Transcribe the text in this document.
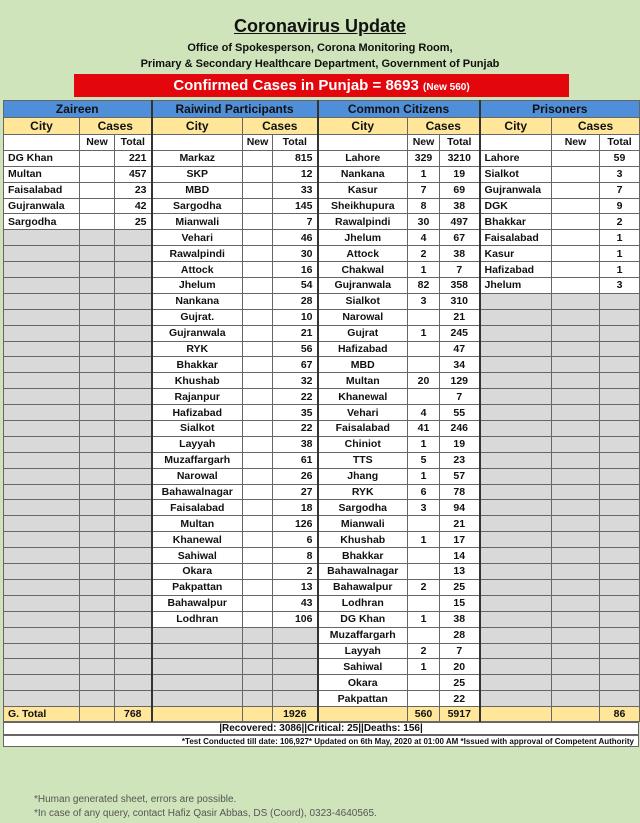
Coronavirus Update
Office of Spokesperson, Corona Monitoring Room,
Primary & Secondary Healthcare Department, Government of Punjab
Confirmed Cases in Punjab = 8693 (New 560)
Zaireen			Raiwind Participants			Common Citizens			Prisoners		
City	Cases		City	Cases		City	Cases		City	Cases	
	New	Total		New	Total		New	Total		New	Total
DG Khan		221	Markaz		815	Lahore	329	3210	Lahore		59
Multan		457	SKP		12	Nankana	1	19	Sialkot		3
Faisalabad		23	MBD		33	Kasur	7	69	Gujranwala		7
Gujranwala		42	Sargodha		145	Sheikhupura	8	38	DGK		9
Sargodha		25	Mianwali		7	Rawalpindi	30	497	Bhakkar		2
			Vehari		46	Jhelum	4	67	Faisalabad		1
			Rawalpindi		30	Attock	2	38	Kasur		1
			Attock		16	Chakwal	1	7	Hafizabad		1
			Jhelum		54	Gujranwala	82	358	Jhelum		3
			Nankana		28	Sialkot	3	310			
			Gujrat.		10	Narowal		21			
			Gujranwala		21	Gujrat	1	245			
			RYK		56	Hafizabad		47			
			Bhakkar		67	MBD		34			
			Khushab		32	Multan	20	129			
			Rajanpur		22	Khanewal		7			
			Hafizabad		35	Vehari	4	55			
			Sialkot		22	Faisalabad	41	246			
			Layyah		38	Chiniot	1	19			
			Muzaffargarh		61	TTS	5	23			
			Narowal		26	Jhang	1	57			
			Bahawalnagar		27	RYK	6	78			
			Faisalabad		18	Sargodha	3	94			
			Multan		126	Mianwali		21			
			Khanewal		6	Khushab	1	17			
			Sahiwal		8	Bhakkar		14			
			Okara		2	Bahawalnagar		13			
			Pakpattan		13	Bahawalpur	2	25			
			Bahawalpur		43	Lodhran		15			
			Lodhran		106	DG Khan	1	38			
						Muzaffargarh		28			
						Layyah	2	7			
						Sahiwal	1	20			
						Okara		25			
						Pakpattan		22			
G. Total		768			1926		560	5917			86
|Recovered: 3086||Critical: 25||Deaths: 156|
*Test Conducted till date: 106,927* Updated on 6th May, 2020 at 01:00 AM *Issued with approval of Competent Authority
*Human generated sheet, errors are possible.
*In case of any query, contact Hafiz Qasir Abbas, DS (Coord), 0323-4640565.
